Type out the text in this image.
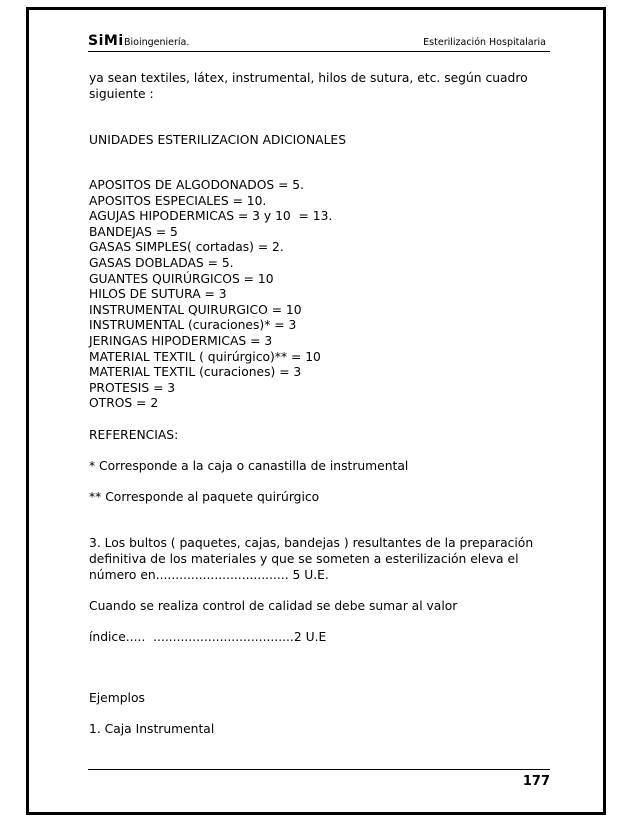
SiMi Bioingeniería.	Esterilización Hospitalaria

ya sean textiles, látex, instrumental, hilos de sutura, etc. según cuadro
siguiente :

UNIDADES ESTERILIZACION ADICIONALES

APOSITOS DE ALGODONADOS = 5.

APOSITOS ESPECIALES = 10.

AGUJAS HIPODERMICAS = 3 y 10  = 13.

BANDEJAS = 5

GASAS SIMPLES( cortadas) = 2.

GASAS DOBLADAS = 5.

GUANTES QUIRÚRGICOS = 10

HILOS DE SUTURA = 3

INSTRUMENTAL QUIRURGICO = 10

INSTRUMENTAL (curaciones)* = 3

JERINGAS HIPODERMICAS = 3

MATERIAL TEXTIL ( quirúrgico)** = 10

MATERIAL TEXTIL (curaciones) = 3

PROTESIS = 3

OTROS = 2

REFERENCIAS:

* Corresponde a la caja o canastilla de instrumental

** Corresponde al paquete quirúrgico

3. Los bultos ( paquetes, cajas, bandejas ) resultantes de la preparación
definitiva de los materiales y que se someten a esterilización eleva el
número en.................................. 5 U.E.

Cuando se realiza control de calidad se debe sumar al valor

índice.....  ....................................2 U.E

Ejemplos

1. Caja Instrumental

177
